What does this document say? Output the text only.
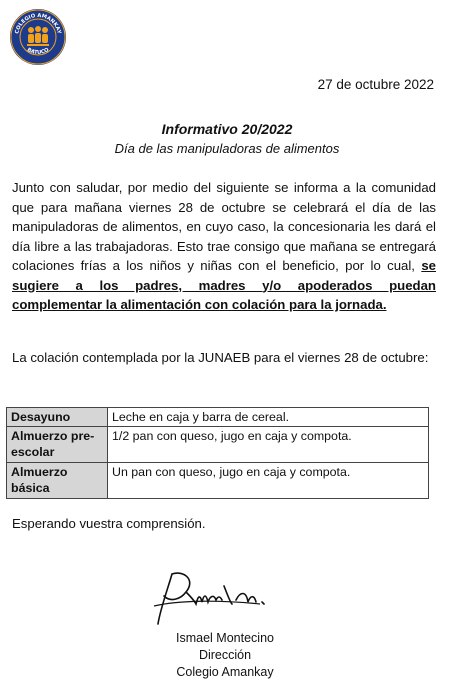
COLEGIO AMANKAY
BATUCO
27 de octubre 2022
Informativo 20/2022
Día de las manipuladoras de alimentos
Junto con saludar, por medio del siguiente se informa a la comunidad que para mañana viernes 28 de octubre se celebrará el día de las manipuladoras de alimentos, en cuyo caso, la concesionaria les dará el día libre a las trabajadoras. Esto trae consigo que mañana se entregará colaciones frías a los niños y niñas con el beneficio, por lo cual, se sugiere a los padres, madres y/o apoderados puedan complementar la alimentación con colación para la jornada.
La colación contemplada por la JUNAEB para el viernes 28 de octubre:
Desayuno	Leche en caja y barra de cereal.
Almuerzo pre-escolar	1/2 pan con queso, jugo en caja y compota.
Almuerzo básica	Un pan con queso, jugo en caja y compota.
Esperando vuestra comprensión.
Ismael Montecino
Dirección
Colegio Amankay
